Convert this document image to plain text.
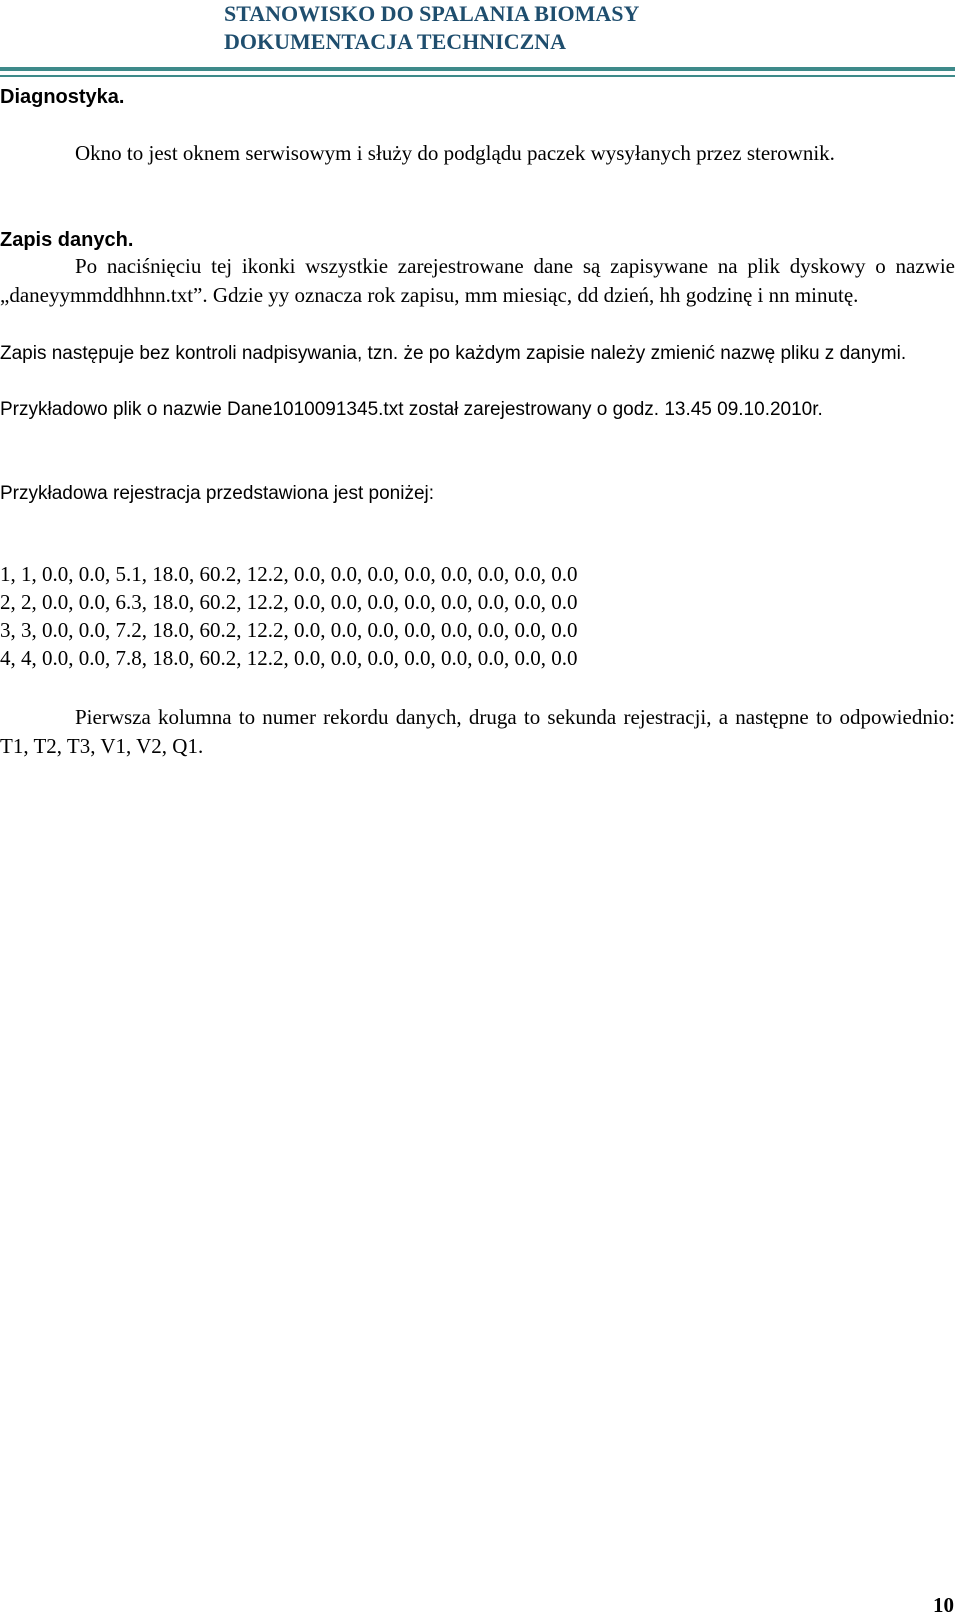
STANOWISKO DO SPALANIA BIOMASY
DOKUMENTACJA TECHNICZNA
Diagnostyka.
Okno to jest oknem serwisowym i służy do podglądu paczek wysyłanych przez sterownik.
Zapis danych.
Po naciśnięciu tej ikonki wszystkie zarejestrowane dane są zapisywane na plik dyskowy o nazwie „daneyymmddhhnn.txt”. Gdzie yy oznacza rok zapisu, mm miesiąc, dd dzień, hh godzinę i nn minutę.
Zapis następuje bez kontroli nadpisywania, tzn. że po każdym zapisie należy zmienić nazwę pliku z danymi.
Przykładowo plik o nazwie Dane1010091345.txt został zarejestrowany o godz. 13.45 09.10.2010r.
Przykładowa rejestracja przedstawiona jest poniżej:
1, 1, 0.0, 0.0, 5.1, 18.0, 60.2, 12.2, 0.0, 0.0, 0.0, 0.0, 0.0, 0.0, 0.0, 0.0
2, 2, 0.0, 0.0, 6.3, 18.0, 60.2, 12.2, 0.0, 0.0, 0.0, 0.0, 0.0, 0.0, 0.0, 0.0
3, 3, 0.0, 0.0, 7.2, 18.0, 60.2, 12.2, 0.0, 0.0, 0.0, 0.0, 0.0, 0.0, 0.0, 0.0
4, 4, 0.0, 0.0, 7.8, 18.0, 60.2, 12.2, 0.0, 0.0, 0.0, 0.0, 0.0, 0.0, 0.0, 0.0
Pierwsza kolumna to numer rekordu danych, druga to sekunda rejestracji, a następne to odpowiednio: T1, T2, T3, V1, V2, Q1.
10
